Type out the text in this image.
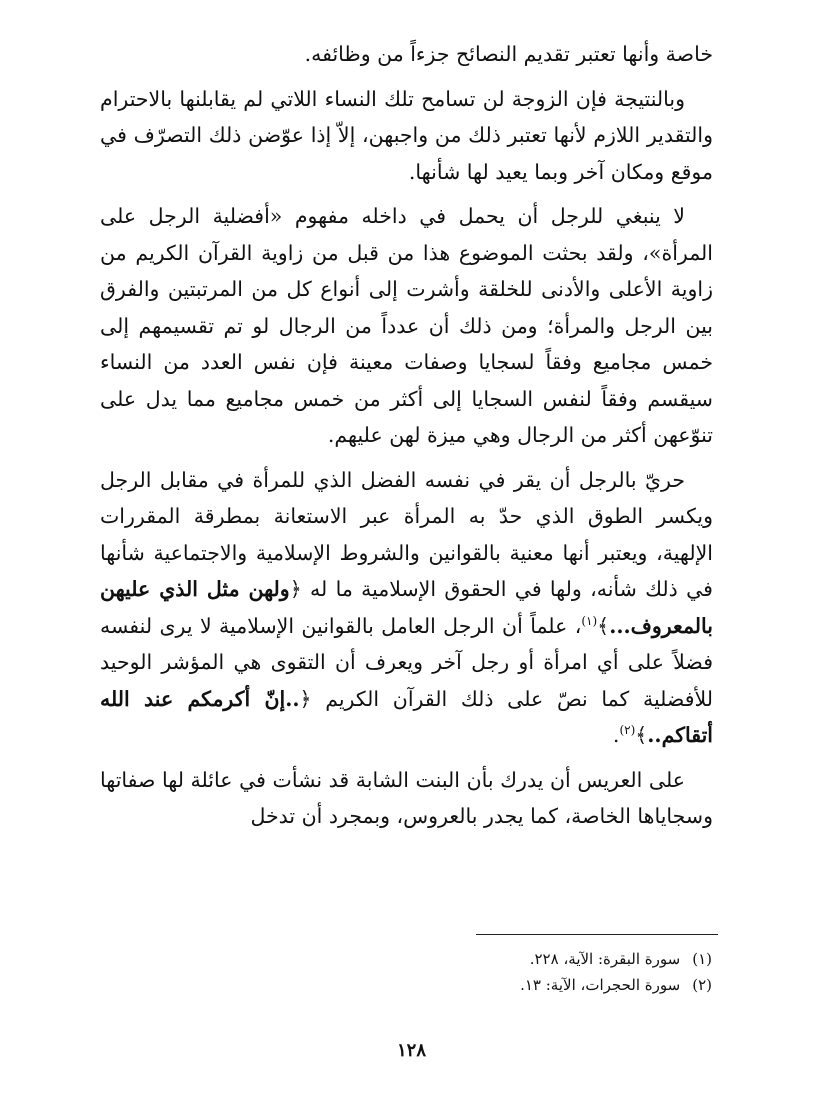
خاصة وأنها تعتبر تقديم النصائح جزءاً من وظائفه.

وبالنتيجة فإن الزوجة لن تسامح تلك النساء اللاتي لم يقابلنها بالاحترام والتقدير اللازم لأنها تعتبر ذلك من واجبهن، إلاّ إذا عوّضن ذلك التصرّف في موقع ومكان آخر وبما يعيد لها شأنها.

لا ينبغي للرجل أن يحمل في داخله مفهوم «أفضلية الرجل على المرأة»، ولقد بحثت الموضوع هذا من قبل من زاوية القرآن الكريم من زاوية الأعلى والأدنى للخلقة وأشرت إلى أنواع كل من المرتبتين والفرق بين الرجل والمرأة؛ ومن ذلك أن عدداً من الرجال لو تم تقسيمهم إلى خمس مجاميع وفقاً لسجايا وصفات معينة فإن نفس العدد من النساء سيقسم وفقاً لنفس السجايا إلى أكثر من خمس مجاميع مما يدل على تنوّعهن أكثر من الرجال وهي ميزة لهن عليهم.

حريّ بالرجل أن يقر في نفسه الفضل الذي للمرأة في مقابل الرجل ويكسر الطوق الذي حدّ به المرأة عبر الاستعانة بمطرقة المقررات الإلهية، ويعتبر أنها معنية بالقوانين والشروط الإسلامية والاجتماعية شأنها في ذلك شأنه، ولها في الحقوق الإسلامية ما له ﴿ولهن مثل الذي عليهن بالمعروف...﴾$^{(١)}$، علماً أن الرجل العامل بالقوانين الإسلامية لا يرى لنفسه فضلاً على أي امرأة أو رجل آخر ويعرف أن التقوى هي المؤشر الوحيد للأفضلية كما نصّ على ذلك القرآن الكريم ﴿..إنّ أكرمكم عند الله أتقاكم..﴾$^{(٢)}$.

على العريس أن يدرك بأن البنت الشابة قد نشأت في عائلة لها صفاتها وسجاياها الخاصة، كما يجدر بالعروس، وبمجرد أن تدخل

(١)
سورة البقرة: الآية، ٢٢٨.
(٢)
سورة الحجرات، الآية: ١٣.
١٢٨
